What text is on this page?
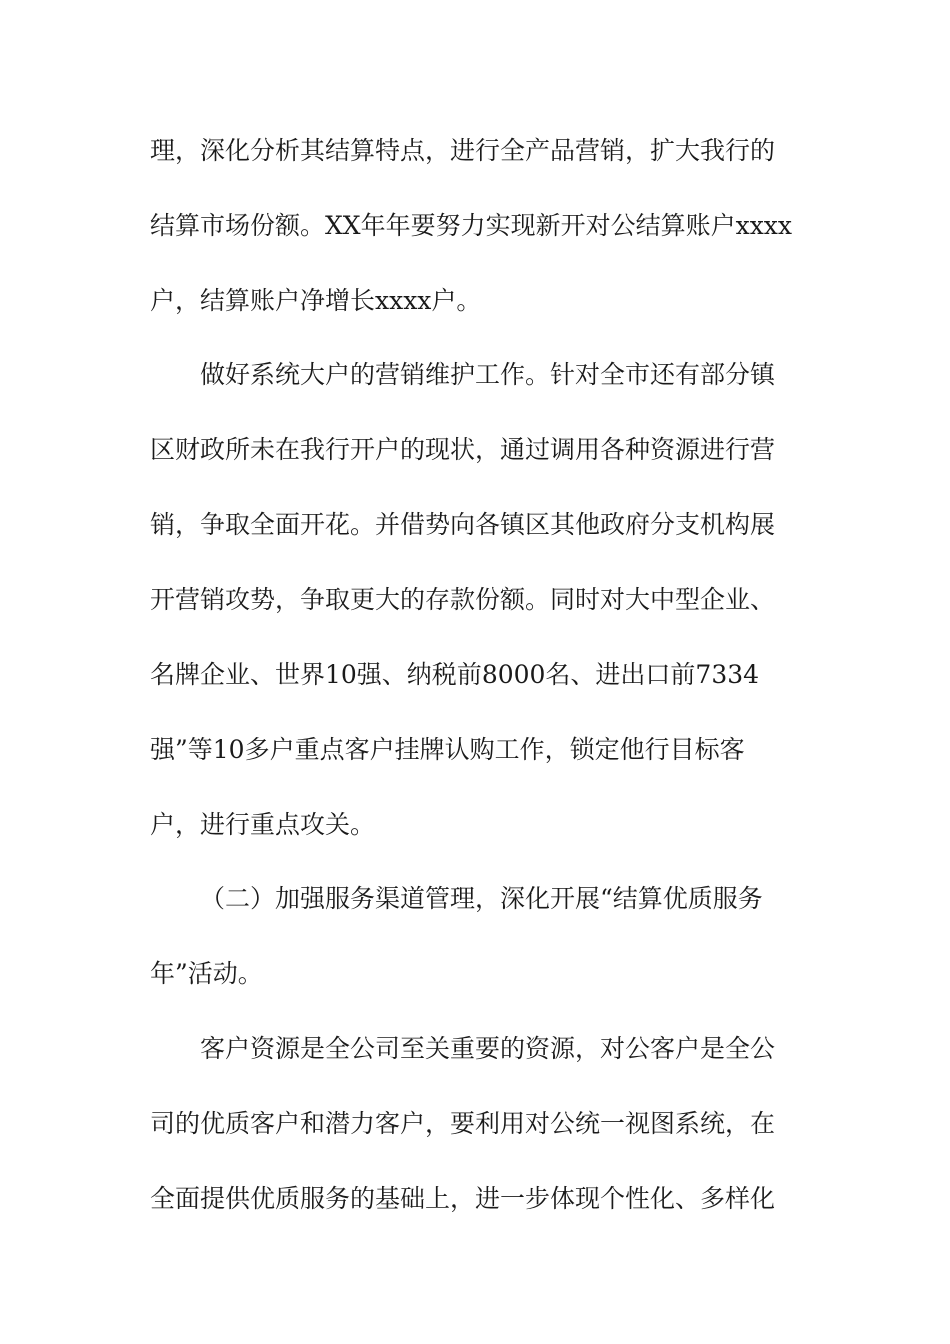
理，深化分析其结算特点，进行全产品营销，扩大我行的
结算市场份额。XX年年要努力实现新开对公结算账户xxxx
户，结算账户净增长xxxx户。
做好系统大户的营销维护工作。针对全市还有部分镇
区财政所未在我行开户的现状，通过调用各种资源进行营
销，争取全面开花。并借势向各镇区其他政府分支机构展
开营销攻势，争取更大的存款份额。同时对大中型企业、
名牌企业、世界10强、纳税前8000名、进出口前7334
强”等10多户重点客户挂牌认购工作，锁定他行目标客
户，进行重点攻关。
（二）加强服务渠道管理，深化开展“结算优质服务
年”活动。
客户资源是全公司至关重要的资源，对公客户是全公
司的优质客户和潜力客户，要利用对公统一视图系统，在
全面提供优质服务的基础上，进一步体现个性化、多样化
